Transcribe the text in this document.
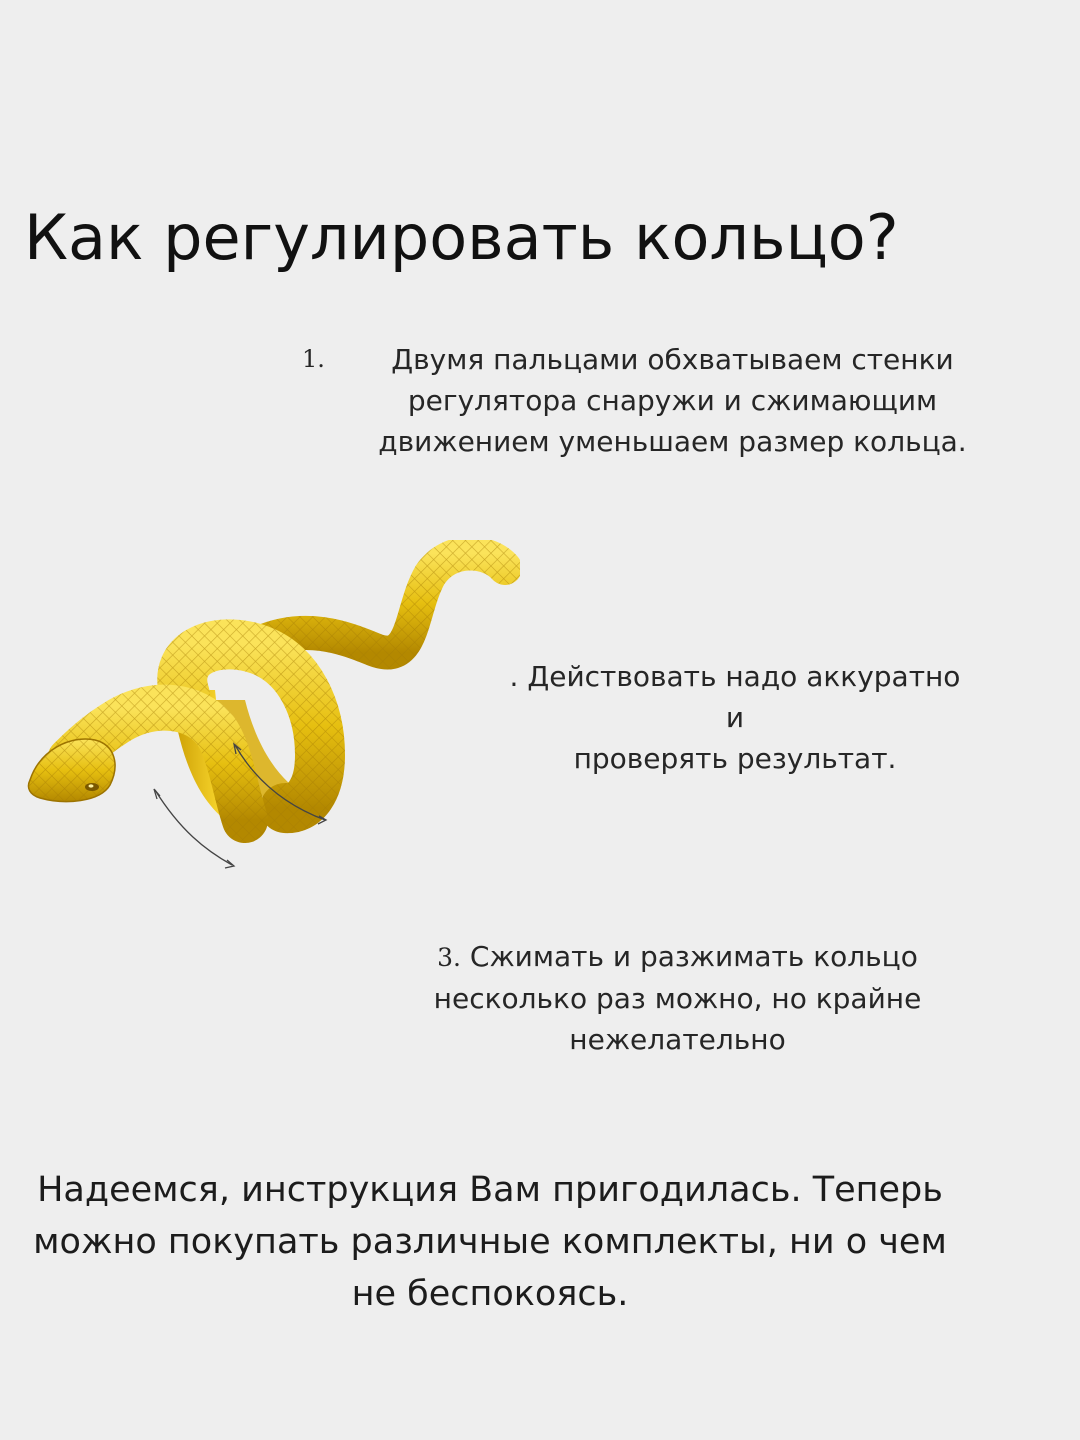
Как регулировать кольцо?
1.	Двумя пальцами обхватываем стенки
регулятора снаружи и сжимающим
движением уменьшаем размер кольца.
. Действовать надо аккуратно и
проверять результат.
3. Сжимать и разжимать кольцо
несколько раз можно, но крайне
нежелательно
Надеемся, инструкция Вам пригодилась. Теперь
можно покупать различные комплекты, ни о чем
не беспокоясь.
